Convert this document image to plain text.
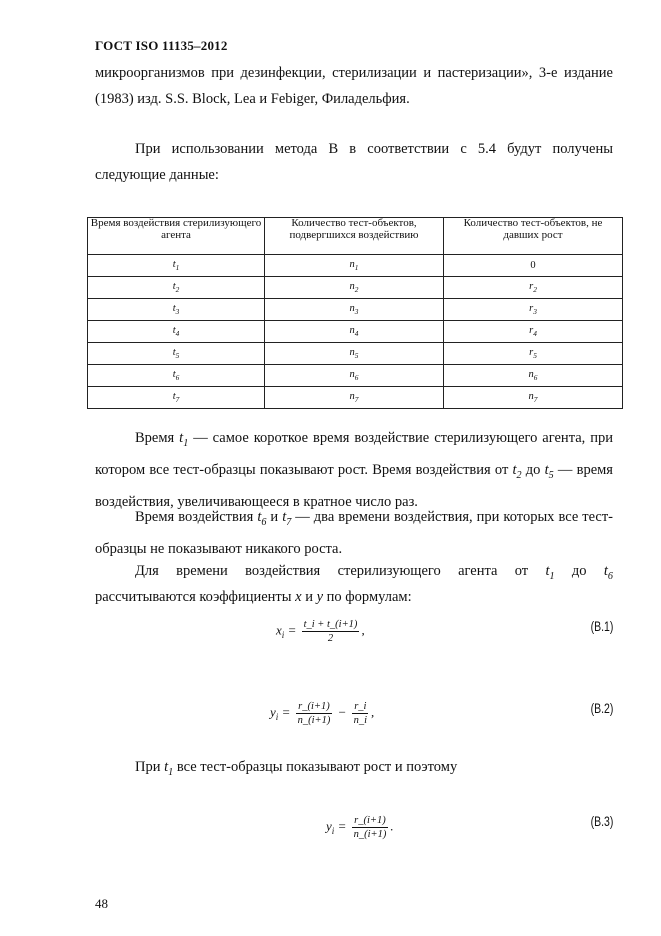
ГОСТ ISO 11135–2012
микроорганизмов при дезинфекции, стерилизации и пастеризации», 3-е издание (1983) изд. S.S. Block, Lea и Febiger, Филадельфия.
При использовании метода В в соответствии с 5.4 будут получены следующие данные:
Время воздействия стерилизующего агента	Количество тест-объектов, подвергшихся воздействию	Количество тест-объектов, не давших рост
$t_1$	$n_1$	0
$t_2$	$n_2$	$r_2$
$t_3$	$n_3$	$r_3$
$t_4$	$n_4$	$r_4$
$t_5$	$n_5$	$r_5$
$t_6$	$n_6$	$n_6$
$t_7$	$n_7$	$n_7$
Время $t_1$ — самое короткое время воздействие стерилизующего агента, при котором все тест-образцы показывают рост. Время воздействия от $t_2$ до $t_5$ — время воздействия, увеличивающееся в кратное число раз.
Время воздействия $t_6$ и $t_7$ — два времени воздействия, при которых все тест-образцы не показывают никакого роста.
Для времени воздействия стерилизующего агента от $t_1$ до $t_6$
рассчитываются коэффициенты x и y по формулам:
$x_i = \frac{t\_i + t\_(i+1)}{2}$ ,	(В.1)
$y_i = \frac{r\_(i+1)}{n\_(i+1)} - \frac{r\_i}{n\_i}$ ,	(В.2)
При $t_1$ все тест-образцы показывают рост и поэтому
$y_i = \frac{r\_(i+1)}{n\_(i+1)}$ .	(В.3)
48
